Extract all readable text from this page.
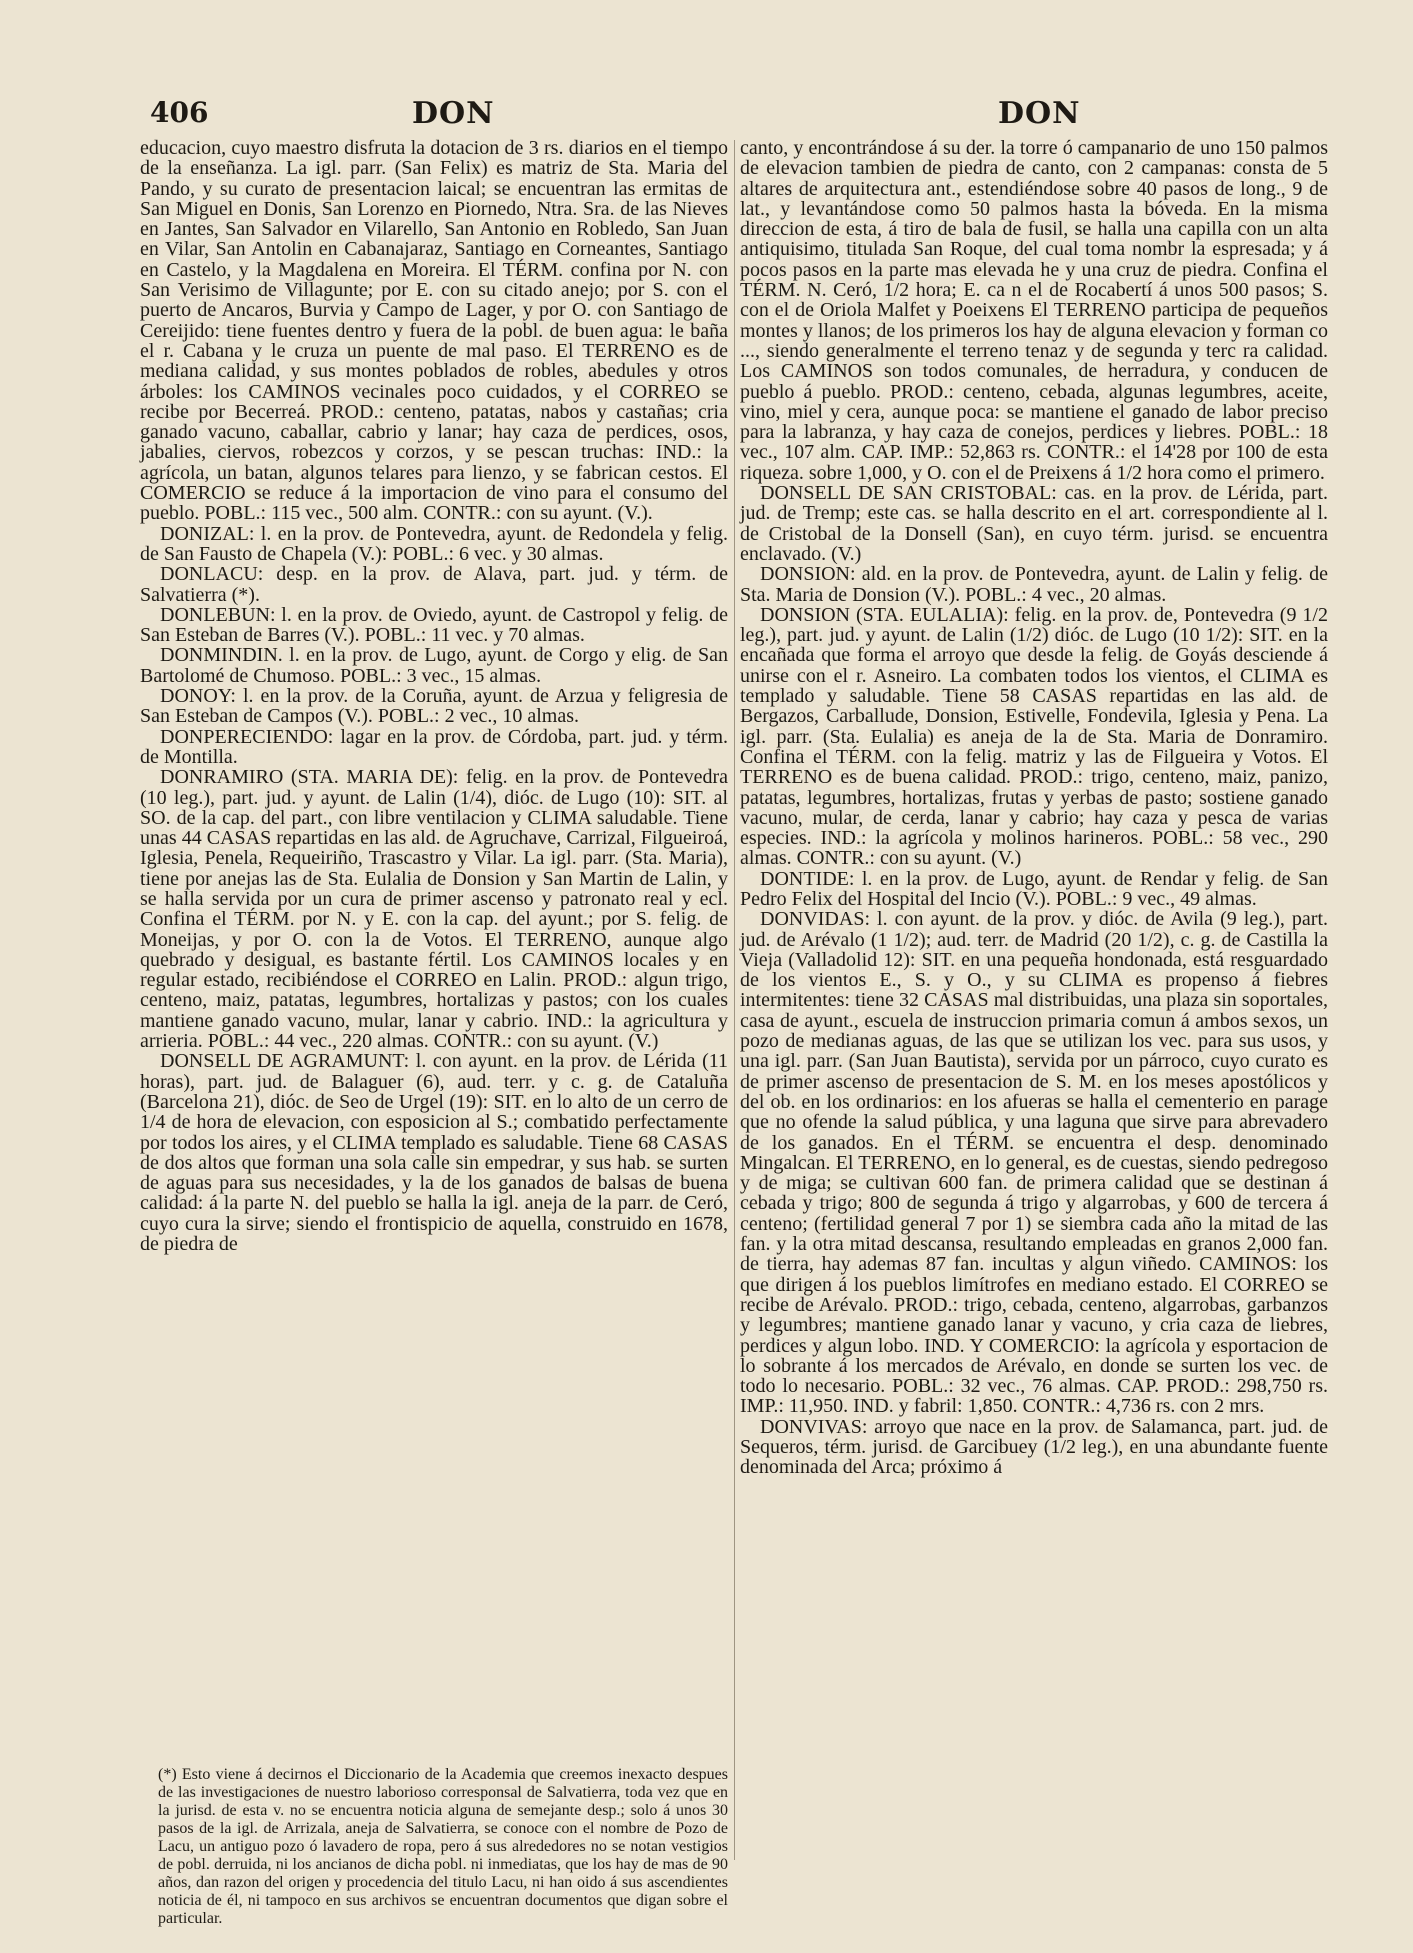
406	DON	DON

educacion, cuyo maestro disfruta la dotacion de 3 rs. diarios en el tiempo de la enseñanza. La igl. parr. (San Felix) es matriz de Sta. Maria del Pando, y su curato de presentacion laical; se encuentran las ermitas de San Miguel en Donis, San Lorenzo en Piornedo, Ntra. Sra. de las Nieves en Jantes, San Salvador en Vilarello, San Antonio en Robledo, San Juan en Vilar, San Antolin en Cabanajaraz, Santiago en Corneantes, Santiago en Castelo, y la Magdalena en Moreira. El TÉRM. confina por N. con San Verisimo de Villagunte; por E. con su citado anejo; por S. con el puerto de Ancaros, Burvia y Campo de Lager, y por O. con Santiago de Cereijido: tiene fuentes dentro y fuera de la pobl. de buen agua: le baña el r. Cabana y le cruza un puente de mal paso. El TERRENO es de mediana calidad, y sus montes poblados de robles, abedules y otros árboles: los CAMINOS vecinales poco cuidados, y el CORREO se recibe por Becerreá. PROD.: centeno, patatas, nabos y castañas; cria ganado vacuno, caballar, cabrio y lanar; hay caza de perdices, osos, jabalies, ciervos, robezcos y corzos, y se pescan truchas: IND.: la agrícola, un batan, algunos telares para lienzo, y se fabrican cestos. El COMERCIO se reduce á la importacion de vino para el consumo del pueblo. POBL.: 115 vec., 500 alm. CONTR.: con su ayunt. (V.).

DONIZAL: l. en la prov. de Pontevedra, ayunt. de Redondela y felig. de San Fausto de Chapela (V.): POBL.: 6 vec. y 30 almas.

DONLACU: desp. en la prov. de Alava, part. jud. y térm. de Salvatierra (*).

DONLEBUN: l. en la prov. de Oviedo, ayunt. de Castropol y felig. de San Esteban de Barres (V.). POBL.: 11 vec. y 70 almas.

DONMINDIN. l. en la prov. de Lugo, ayunt. de Corgo y elig. de San Bartolomé de Chumoso. POBL.: 3 vec., 15 almas.

DONOY: l. en la prov. de la Coruña, ayunt. de Arzua y feligresia de San Esteban de Campos (V.). POBL.: 2 vec., 10 almas.

DONPERECIENDO: lagar en la prov. de Córdoba, part. jud. y térm. de Montilla.

DONRAMIRO (STA. MARIA DE): felig. en la prov. de Pontevedra (10 leg.), part. jud. y ayunt. de Lalin (1/4), dióc. de Lugo (10): SIT. al SO. de la cap. del part., con libre ventilacion y CLIMA saludable. Tiene unas 44 CASAS repartidas en las ald. de Agruchave, Carrizal, Filgueiroá, Iglesia, Penela, Requeiriño, Trascastro y Vilar. La igl. parr. (Sta. Maria), tiene por anejas las de Sta. Eulalia de Donsion y San Martin de Lalin, y se halla servida por un cura de primer ascenso y patronato real y ecl. Confina el TÉRM. por N. y E. con la cap. del ayunt.; por S. felig. de Moneijas, y por O. con la de Votos. El TERRENO, aunque algo quebrado y desigual, es bastante fértil. Los CAMINOS locales y en regular estado, recibiéndose el CORREO en Lalin. PROD.: algun trigo, centeno, maiz, patatas, legumbres, hortalizas y pastos; con los cuales mantiene ganado vacuno, mular, lanar y cabrio. IND.: la agricultura y arrieria. POBL.: 44 vec., 220 almas. CONTR.: con su ayunt. (V.)

DONSELL DE AGRAMUNT: l. con ayunt. en la prov. de Lérida (11 horas), part. jud. de Balaguer (6), aud. terr. y c. g. de Cataluña (Barcelona 21), dióc. de Seo de Urgel (19): SIT. en lo alto de un cerro de 1/4 de hora de elevacion, con esposicion al S.; combatido perfectamente por todos los aires, y el CLIMA templado es saludable. Tiene 68 CASAS de dos altos que forman una sola calle sin empedrar, y sus hab. se surten de aguas para sus necesidades, y la de los ganados de balsas de buena calidad: á la parte N. del pueblo se halla la igl. aneja de la parr. de Ceró, cuyo cura la sirve; siendo el frontispicio de aquella, construido en 1678, de piedra de

canto, y encontrándose á su der. la torre ó campanario de uno 150 palmos de elevacion tambien de piedra de canto, con 2 campanas: consta de 5 altares de arquitectura ant., estendiéndose sobre 40 pasos de long., 9 de lat., y levantándose como 50 palmos hasta la bóveda. En la misma direccion de esta, á tiro de bala de fusil, se halla una capilla con un alta antiquisimo, titulada San Roque, del cual toma nombr la espresada; y á pocos pasos en la parte mas elevada he y una cruz de piedra. Confina el TÉRM. N. Ceró, 1/2 hora; E. ca n el de Rocabertí á unos 500 pasos; S. con el de Oriola Malfet y Poeixens El TERRENO participa de pequeños montes y llanos; de los primeros los hay de alguna elevacion y forman co ..., siendo generalmente el terreno tenaz y de segunda y terc ra calidad. Los CAMINOS son todos comunales, de herradura, y conducen de pueblo á pueblo. PROD.: centeno, cebada, algunas legumbres, aceite, vino, miel y cera, aunque poca: se mantiene el ganado de labor preciso para la labranza, y hay caza de conejos, perdices y liebres. POBL.: 18 vec., 107 alm. CAP. IMP.: 52,863 rs. CONTR.: el 14'28 por 100 de esta riqueza. sobre 1,000, y O. con el de Preixens á 1/2 hora como el primero.

DONSELL DE SAN CRISTOBAL: cas. en la prov. de Lérida, part. jud. de Tremp; este cas. se halla descrito en el art. correspondiente al l. de Cristobal de la Donsell (San), en cuyo térm. jurisd. se encuentra enclavado. (V.)

DONSION: ald. en la prov. de Pontevedra, ayunt. de Lalin y felig. de Sta. Maria de Donsion (V.). POBL.: 4 vec., 20 almas.

DONSION (STA. EULALIA): felig. en la prov. de, Pontevedra (9 1/2 leg.), part. jud. y ayunt. de Lalin (1/2) dióc. de Lugo (10 1/2): SIT. en la encañada que forma el arroyo que desde la felig. de Goyás desciende á unirse con el r. Asneiro. La combaten todos los vientos, el CLIMA es templado y saludable. Tiene 58 CASAS repartidas en las ald. de Bergazos, Carballude, Donsion, Estivelle, Fondevila, Iglesia y Pena. La igl. parr. (Sta. Eulalia) es aneja de la de Sta. Maria de Donramiro. Confina el TÉRM. con la felig. matriz y las de Filgueira y Votos. El TERRENO es de buena calidad. PROD.: trigo, centeno, maiz, panizo, patatas, legumbres, hortalizas, frutas y yerbas de pasto; sostiene ganado vacuno, mular, de cerda, lanar y cabrio; hay caza y pesca de varias especies. IND.: la agrícola y molinos harineros. POBL.: 58 vec., 290 almas. CONTR.: con su ayunt. (V.)

DONTIDE: l. en la prov. de Lugo, ayunt. de Rendar y felig. de San Pedro Felix del Hospital del Incio (V.). POBL.: 9 vec., 49 almas.

DONVIDAS: l. con ayunt. de la prov. y dióc. de Avila (9 leg.), part. jud. de Arévalo (1 1/2); aud. terr. de Madrid (20 1/2), c. g. de Castilla la Vieja (Valladolid 12): SIT. en una pequeña hondonada, está resguardado de los vientos E., S. y O., y su CLIMA es propenso á fiebres intermitentes: tiene 32 CASAS mal distribuidas, una plaza sin soportales, casa de ayunt., escuela de instruccion primaria comun á ambos sexos, un pozo de medianas aguas, de las que se utilizan los vec. para sus usos, y una igl. parr. (San Juan Bautista), servida por un párroco, cuyo curato es de primer ascenso de presentacion de S. M. en los meses apostólicos y del ob. en los ordinarios: en los afueras se halla el cementerio en parage que no ofende la salud pública, y una laguna que sirve para abrevadero de los ganados. En el TÉRM. se encuentra el desp. denominado Mingalcan. El TERRENO, en lo general, es de cuestas, siendo pedregoso y de miga; se cultivan 600 fan. de primera calidad que se destinan á cebada y trigo; 800 de segunda á trigo y algarrobas, y 600 de tercera á centeno; (fertilidad general 7 por 1) se siembra cada año la mitad de las fan. y la otra mitad descansa, resultando empleadas en granos 2,000 fan. de tierra, hay ademas 87 fan. incultas y algun viñedo. CAMINOS: los que dirigen á los pueblos limítrofes en mediano estado. El CORREO se recibe de Arévalo. PROD.: trigo, cebada, centeno, algarrobas, garbanzos y legumbres; mantiene ganado lanar y vacuno, y cria caza de liebres, perdices y algun lobo. IND. Y COMERCIO: la agrícola y esportacion de lo sobrante á los mercados de Arévalo, en donde se surten los vec. de todo lo necesario. POBL.: 32 vec., 76 almas. CAP. PROD.: 298,750 rs. IMP.: 11,950. IND. y fabril: 1,850. CONTR.: 4,736 rs. con 2 mrs.

DONVIVAS: arroyo que nace en la prov. de Salamanca, part. jud. de Sequeros, térm. jurisd. de Garcibuey (1/2 leg.), en una abundante fuente denominada del Arca; próximo á

(*) Esto viene á decirnos el Diccionario de la Academia que creemos inexacto despues de las investigaciones de nuestro laborioso corresponsal de Salvatierra, toda vez que en la jurisd. de esta v. no se encuentra noticia alguna de semejante desp.; solo á unos 30 pasos de la igl. de Arrizala, aneja de Salvatierra, se conoce con el nombre de Pozo de Lacu, un antiguo pozo ó lavadero de ropa, pero á sus alrededores no se notan vestigios de pobl. derruida, ni los ancianos de dicha pobl. ni inmediatas, que los hay de mas de 90 años, dan razon del origen y procedencia del titulo Lacu, ni han oido á sus ascendientes noticia de él, ni tampoco en sus archivos se encuentran documentos que digan sobre el particular.
